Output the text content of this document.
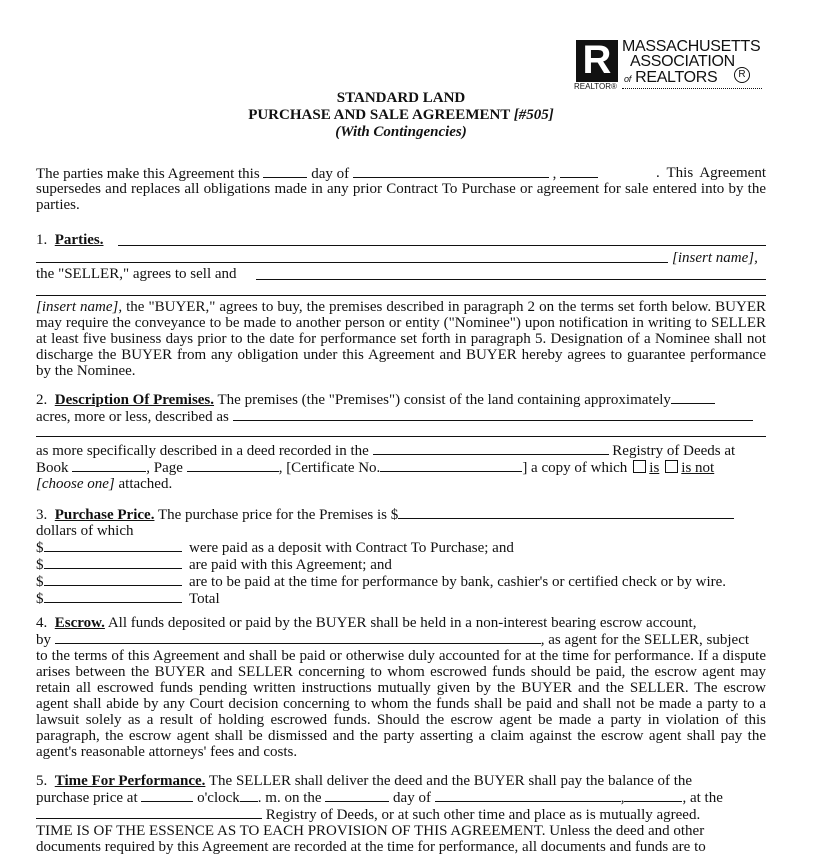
R
REALTOR®
MASSACHUSETTS
ASSOCIATION
of REALTORS	R
STANDARD LAND
PURCHASE AND SALE AGREEMENT [#505]
(With Contingencies)
The parties make this Agreement this	day of	,	. This Agreement supersedes and replaces all obligations made in any prior Contract To Purchase or agreement for sale entered into by the parties.
1. Parties.
[insert name],
the "SELLER," agrees to sell and
[insert name], the "BUYER," agrees to buy, the premises described in paragraph 2 on the terms set forth below. BUYER may require the conveyance to be made to another person or entity ("Nominee") upon notification in writing to SELLER at least five business days prior to the date for performance set forth in paragraph 5. Designation of a Nominee shall not discharge the BUYER from any obligation under this Agreement and BUYER hereby agrees to guarantee performance by the Nominee.
2. Description Of Premises. The premises (the "Premises") consist of the land containing approximately
acres, more or less, described as
as more specifically described in a deed recorded in the	Registry of Deeds at
Book	, Page	, [Certificate No.	] a copy of which is is not
[choose one] attached.
3. Purchase Price. The purchase price for the Premises is $
dollars of which
$	were paid as a deposit with Contract To Purchase; and
$	are paid with this Agreement; and
$	are to be paid at the time for performance by bank, cashier's or certified check or by wire.
$	Total
4. Escrow. All funds deposited or paid by the BUYER shall be held in a non-interest bearing escrow account,
by	, as agent for the SELLER, subject
to the terms of this Agreement and shall be paid or otherwise duly accounted for at the time for performance. If a dispute arises between the BUYER and SELLER concerning to whom escrowed funds should be paid, the escrow agent may retain all escrowed funds pending written instructions mutually given by the BUYER and the SELLER. The escrow agent shall abide by any Court decision concerning to whom the funds shall be paid and shall not be made a party to a lawsuit solely as a result of holding escrowed funds. Should the escrow agent be made a party in violation of this paragraph, the escrow agent shall be dismissed and the party asserting a claim against the escrow agent shall pay the agent's reasonable attorneys' fees and costs.
5. Time For Performance. The SELLER shall deliver the deed and the BUYER shall pay the balance of the
purchase price at	o'clock . m. on the	day of	,	, at the
Registry of Deeds, or at such other time and place as is mutually agreed.
TIME IS OF THE ESSENCE AS TO EACH PROVISION OF THIS AGREEMENT. Unless the deed and other
documents required by this Agreement are recorded at the time for performance, all documents and funds are to
